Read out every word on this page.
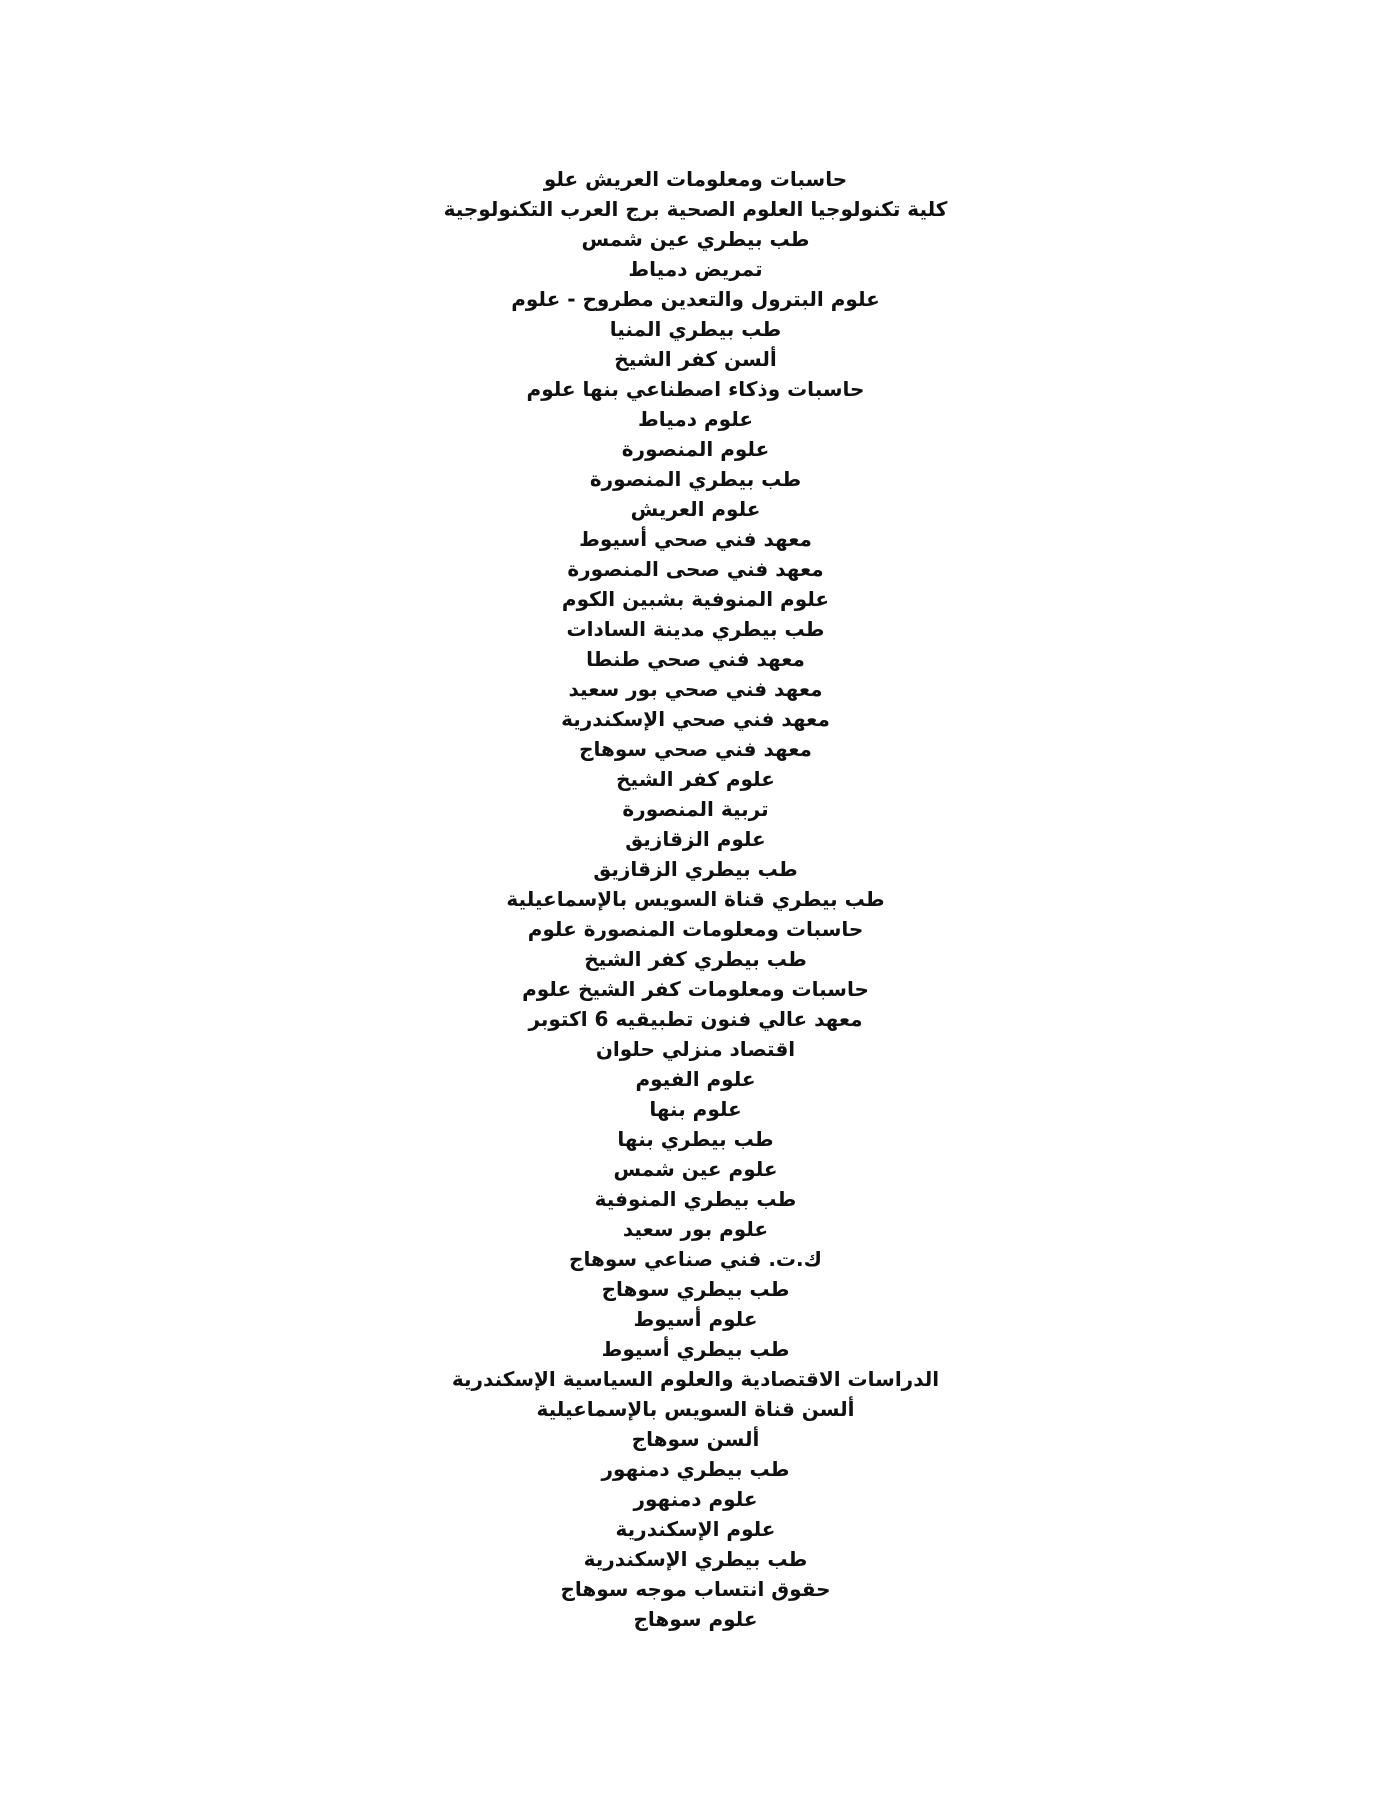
حاسبات ومعلومات العريش علو
كلية تكنولوجيا العلوم الصحية برج العرب التكنولوجية
طب بيطري عين شمس
تمريض دمياط
علوم البترول والتعدين مطروح - علوم
طب بيطري المنيا
ألسن كفر الشيخ
حاسبات وذكاء اصطناعي بنها علوم
علوم دمياط
علوم المنصورة
طب بيطري المنصورة
علوم العريش
معهد فني صحي أسيوط
معهد فني صحى المنصورة
علوم المنوفية بشبين الكوم
طب بيطري مدينة السادات
معهد فني صحي طنطا
معهد فني صحي بور سعيد
معهد فني صحي الإسكندرية
معهد فني صحي سوهاج
علوم كفر الشيخ
تربية المنصورة
علوم الزقازيق
طب بيطري الزقازيق
طب بيطري قناة السويس بالإسماعيلية
حاسبات ومعلومات المنصورة علوم
طب بيطري كفر الشيخ
حاسبات ومعلومات كفر الشيخ علوم
معهد عالي فنون تطبيقيه 6 اكتوبر
اقتصاد منزلي حلوان
علوم الفيوم
علوم بنها
طب بيطري بنها
علوم عين شمس
طب بيطري المنوفية
علوم بور سعيد
ك.ت. فني صناعي سوهاج
طب بيطري سوهاج
علوم أسيوط
طب بيطري أسيوط
الدراسات الاقتصادية والعلوم السياسية الإسكندرية
ألسن قناة السويس بالإسماعيلية
ألسن سوهاج
طب بيطري دمنهور
علوم دمنهور
علوم الإسكندرية
طب بيطري الإسكندرية
حقوق انتساب موجه سوهاج
علوم سوهاج
